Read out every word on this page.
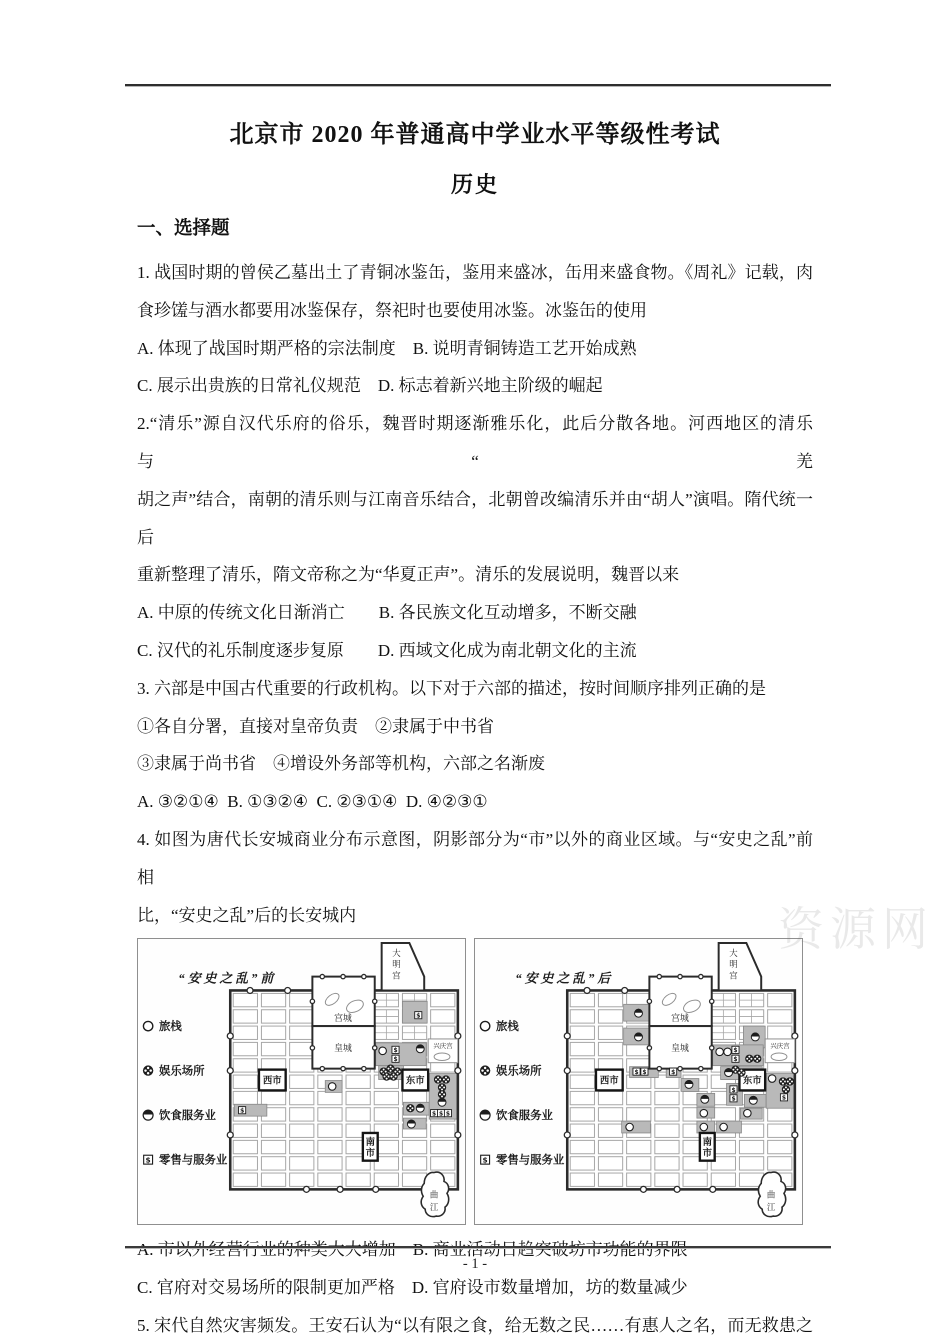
北京市 2020 年普通高中学业水平等级性考试
历史
一、选择题
1. 战国时期的曾侯乙墓出土了青铜冰鉴缶，鉴用来盛冰，缶用来盛食物。《周礼》记载，肉
食珍馐与酒水都要用冰鉴保存，祭祀时也要使用冰鉴。冰鉴缶的使用
A. 体现了战国时期严格的宗法制度　B. 说明青铜铸造工艺开始成熟
C. 展示出贵族的日常礼仪规范　D. 标志着新兴地主阶级的崛起
2.“清乐”源自汉代乐府的俗乐，魏晋时期逐渐雅乐化，此后分散各地。河西地区的清乐与“羌
胡之声”结合，南朝的清乐则与江南音乐结合，北朝曾改编清乐并由“胡人”演唱。隋代统一后
重新整理了清乐，隋文帝称之为“华夏正声”。清乐的发展说明，魏晋以来
A. 中原的传统文化日渐消亡　　B. 各民族文化互动增多，不断交融
C. 汉代的礼乐制度逐步复原　　D. 西域文化成为南北朝文化的主流
3. 六部是中国古代重要的行政机构。以下对于六部的描述，按时间顺序排列正确的是
①各自分署，直接对皇帝负责　②隶属于中书省
③隶属于尚书省　④增设外务部等机构，六部之名渐废
A. ③②①④  B. ①③②④  C. ②③①④  D. ④②③①
4. 如图为唐代长安城商业分布示意图，阴影部分为“市”以外的商业区域。与“安史之乱”前相
比，“安史之乱”后的长安城内
大
明
宫
宫城
皇城	兴庆宫
西市	东市
南
市
曲
江
$
$
$
$ $ $
$
“安史之乱”前
旅栈
娱乐场所
饮食服务业
$ 零售与服务业
大
明
宫
宫城
皇城	兴庆宫
西市	东市
南
市
曲
江
$
$
$ $	$
$
$	$
“安史之乱”后
旅栈
娱乐场所
饮食服务业
$ 零售与服务业
A. 市以外经营行业的种类大大增加　B. 商业活动日趋突破坊市功能的界限
C. 官府对交易场所的限制更加严格　D. 官府设市数量增加，坊的数量减少
5. 宋代自然灾害频发。王安石认为“以有限之食，给无数之民……有惠人之名，而无救患之
资源网
- 1 -
